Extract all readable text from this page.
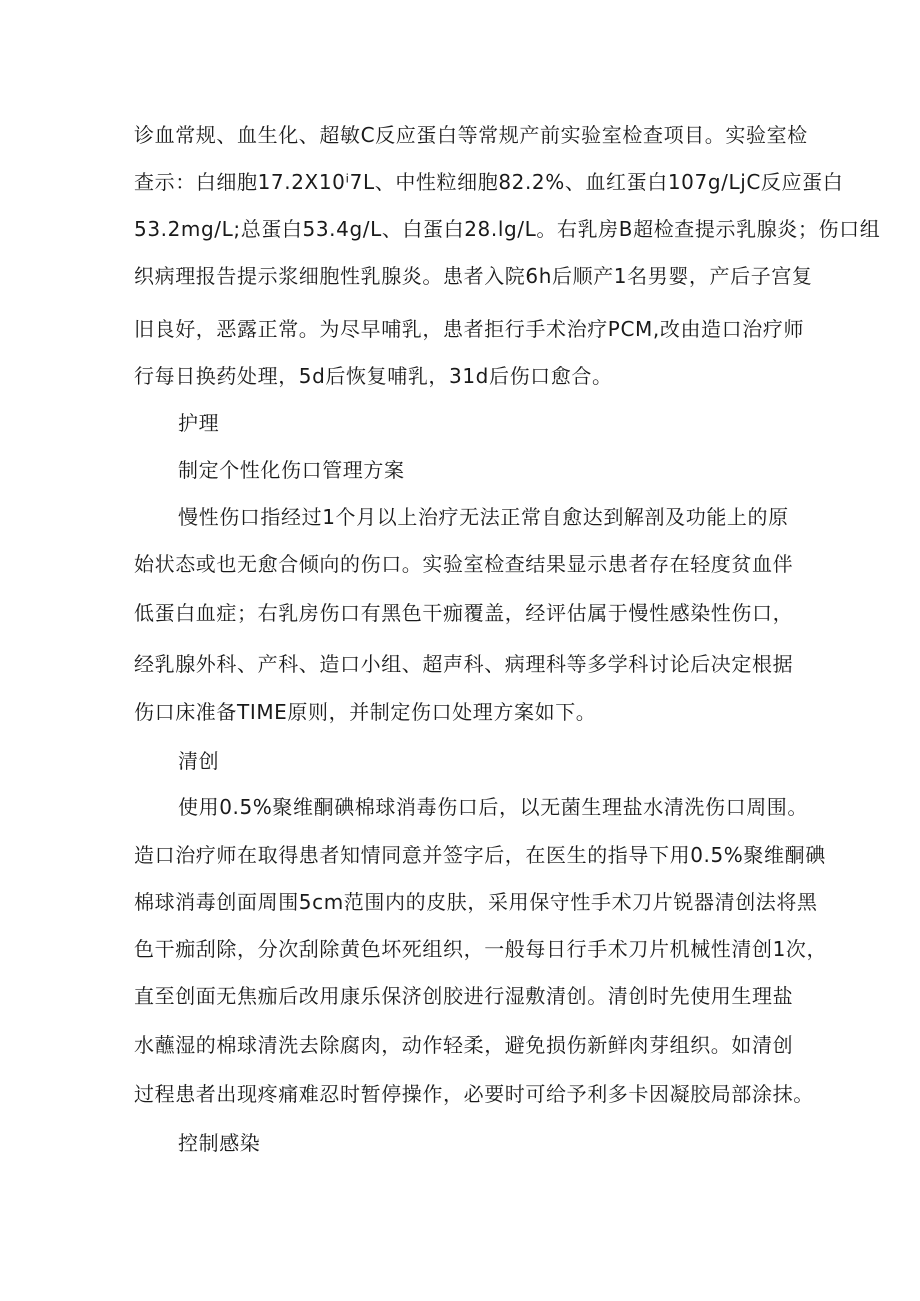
诊血常规、血生化、超敏C反应蛋白等常规产前实验室检查项目。实验室检

查示：白细胞17.2X10ⁱ7L、中性粒细胞82.2%、血红蛋白107g/LjC反应蛋白

53.2mg/L;总蛋白53.4g/L、白蛋白28.lg/L。右乳房B超检查提示乳腺炎；伤口组

织病理报告提示浆细胞性乳腺炎。患者入院6h后顺产1名男婴，产后子宫复

旧良好，恶露正常。为尽早哺乳，患者拒行手术治疗PCM,改由造口治疗师

行每日换药处理，5d后恢复哺乳，31d后伤口愈合。

护理

制定个性化伤口管理方案

慢性伤口指经过1个月以上治疗无法正常自愈达到解剖及功能上的原

始状态或也无愈合倾向的伤口。实验室检查结果显示患者存在轻度贫血伴

低蛋白血症；右乳房伤口有黑色干痂覆盖，经评估属于慢性感染性伤口，

经乳腺外科、产科、造口小组、超声科、病理科等多学科讨论后决定根据

伤口床准备TIME原则，并制定伤口处理方案如下。

清创

使用0.5%聚维酮碘棉球消毒伤口后，以无菌生理盐水清洗伤口周围。

造口治疗师在取得患者知情同意并签字后，在医生的指导下用0.5%聚维酮碘

棉球消毒创面周围5cm范围内的皮肤，采用保守性手术刀片锐器清创法将黑

色干痂刮除，分次刮除黄色坏死组织，一般每日行手术刀片机械性清创1次，

直至创面无焦痂后改用康乐保济创胶进行湿敷清创。清创时先使用生理盐

水蘸湿的棉球清洗去除腐肉，动作轻柔，避免损伤新鲜肉芽组织。如清创

过程患者出现疼痛难忍时暂停操作，必要时可给予利多卡因凝胶局部涂抹。

控制感染
